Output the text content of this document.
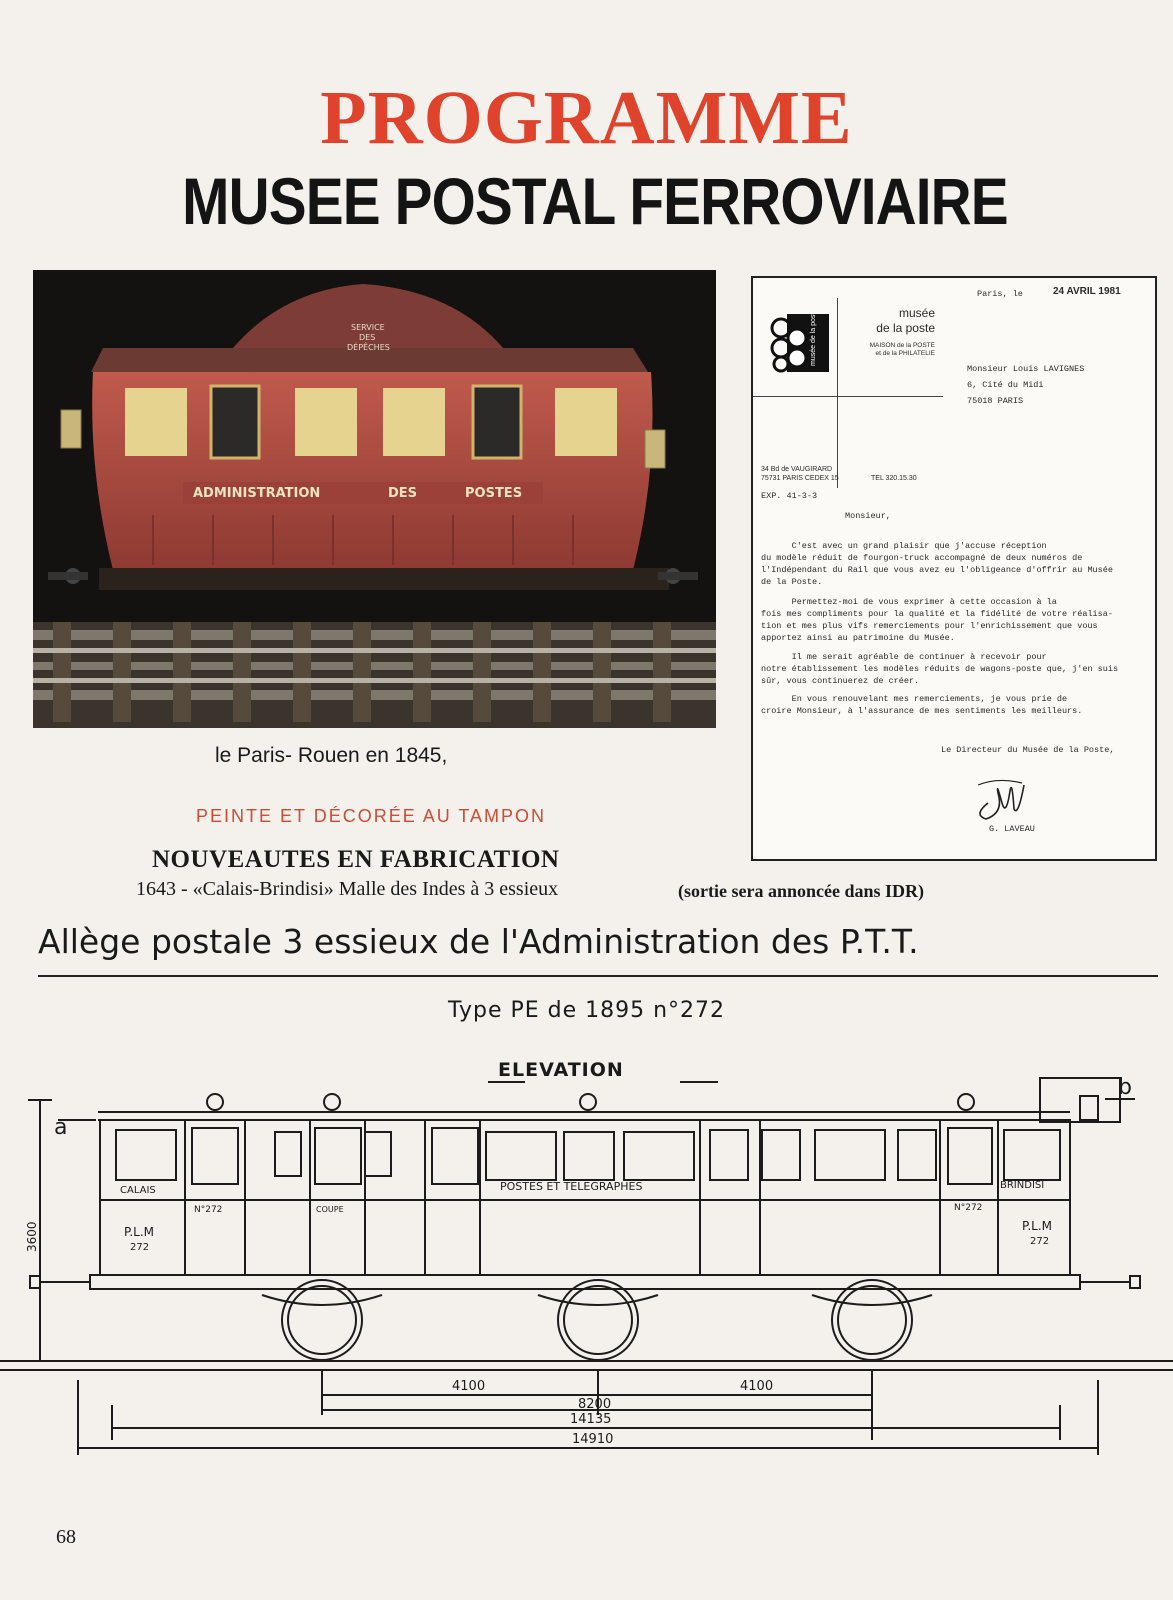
PROGRAMME
MUSEE POSTAL FERROVIAIRE
ADMINISTRATION	DES	POSTES
SERVICE
DES
DÉPÊCHES
le Paris- Rouen en 1845,
PEINTE ET DÉCORÉE AU TAMPON
NOUVEAUTES EN FABRICATION
1643 - «Calais-Brindisi» Malle des Indes à 3 essieux	(sortie sera annoncée dans IDR)
Paris, le	24 AVRIL 1981
musée de la poste	musée
de la poste
MAISON de la POSTE
et de la PHILATELIE
Monsieur Louis LAVIGNES
6, Cité du Midi
75018 PARIS
34 Bd de VAUGIRARD
75731 PARIS CEDEX 15	TEL 320.15.30
EXP. 41-3-3
Monsieur,
C'est avec un grand plaisir que j'accuse réception
du modèle réduit de fourgon-truck accompagné de deux numéros de
l'Indépendant du Rail que vous avez eu l'obligeance d'offrir au Musée
de la Poste.
Permettez-moi de vous exprimer à cette occasion à la
fois mes compliments pour la qualité et la fidélité de votre réalisa-
tion et mes plus vifs remerciements pour l'enrichissement que vous
apportez ainsi au patrimoine du Musée.
Il me serait agréable de continuer à recevoir pour
notre établissement les modèles réduits de wagons-poste que, j'en suis
sûr, vous continuerez de créer.
En vous renouvelant mes remerciements, je vous prie de
croire Monsieur, à l'assurance de mes sentiments les meilleurs.
Le Directeur du Musée de la Poste,
G. LAVEAU
Allège postale 3 essieux de l'Administration des P.T.T.
Type PE de 1895 n°272
ELEVATION
a
b
3600
CALAIS	POSTES ET TELEGRAPHES	BRINDISI
COUPE
N°272	N°272
P.L.M
272
P.L.M
272
4100	4100
8200
14135
14910
68
